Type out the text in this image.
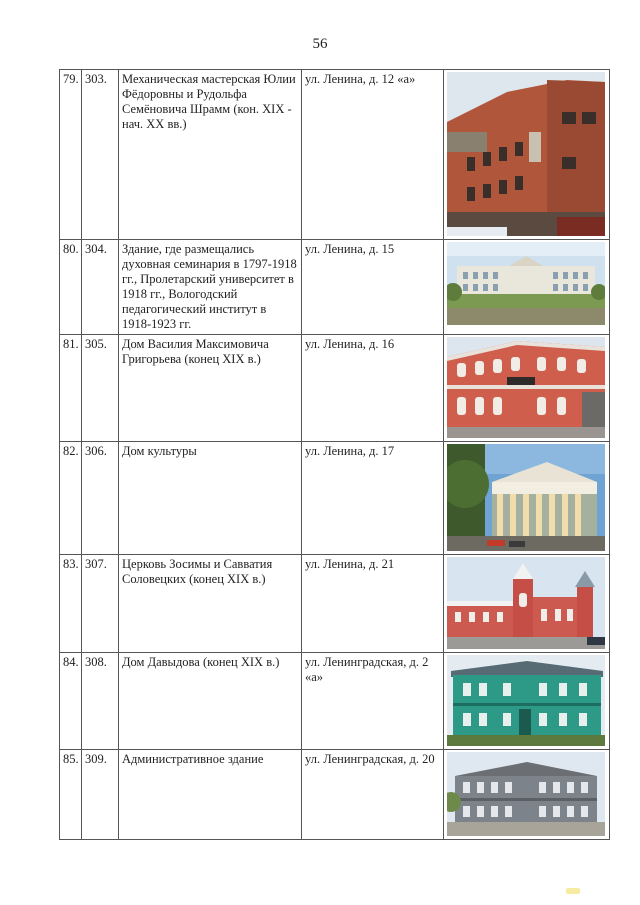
56
79.	303.	Механическая мастерская Юлии Фёдоровны и Рудольфа Семёновича Шрамм (кон. XIX - нач. XX вв.)	ул. Ленина, д. 12 «а»	

80.	304.	Здание, где размещались духовная семинария в 1797-1918 гг., Пролетарский университет в 1918 гг., Вологодский педагогический институт в 1918-1923 гг.	ул. Ленина, д. 15	

81.	305.	Дом Василия Максимовича Григорьева (конец XIX в.)	ул. Ленина, д. 16	

82.	306.	Дом культуры	ул. Ленина, д. 17	

83.	307.	Церковь Зосимы и Савватия Соловецких (конец XIX в.)	ул. Ленина, д. 21	

84.	308.	Дом Давыдова (конец XIX в.)	ул. Ленинградская, д. 2 «а»	

85.	309.	Административное здание	ул. Ленинградская, д. 20	
